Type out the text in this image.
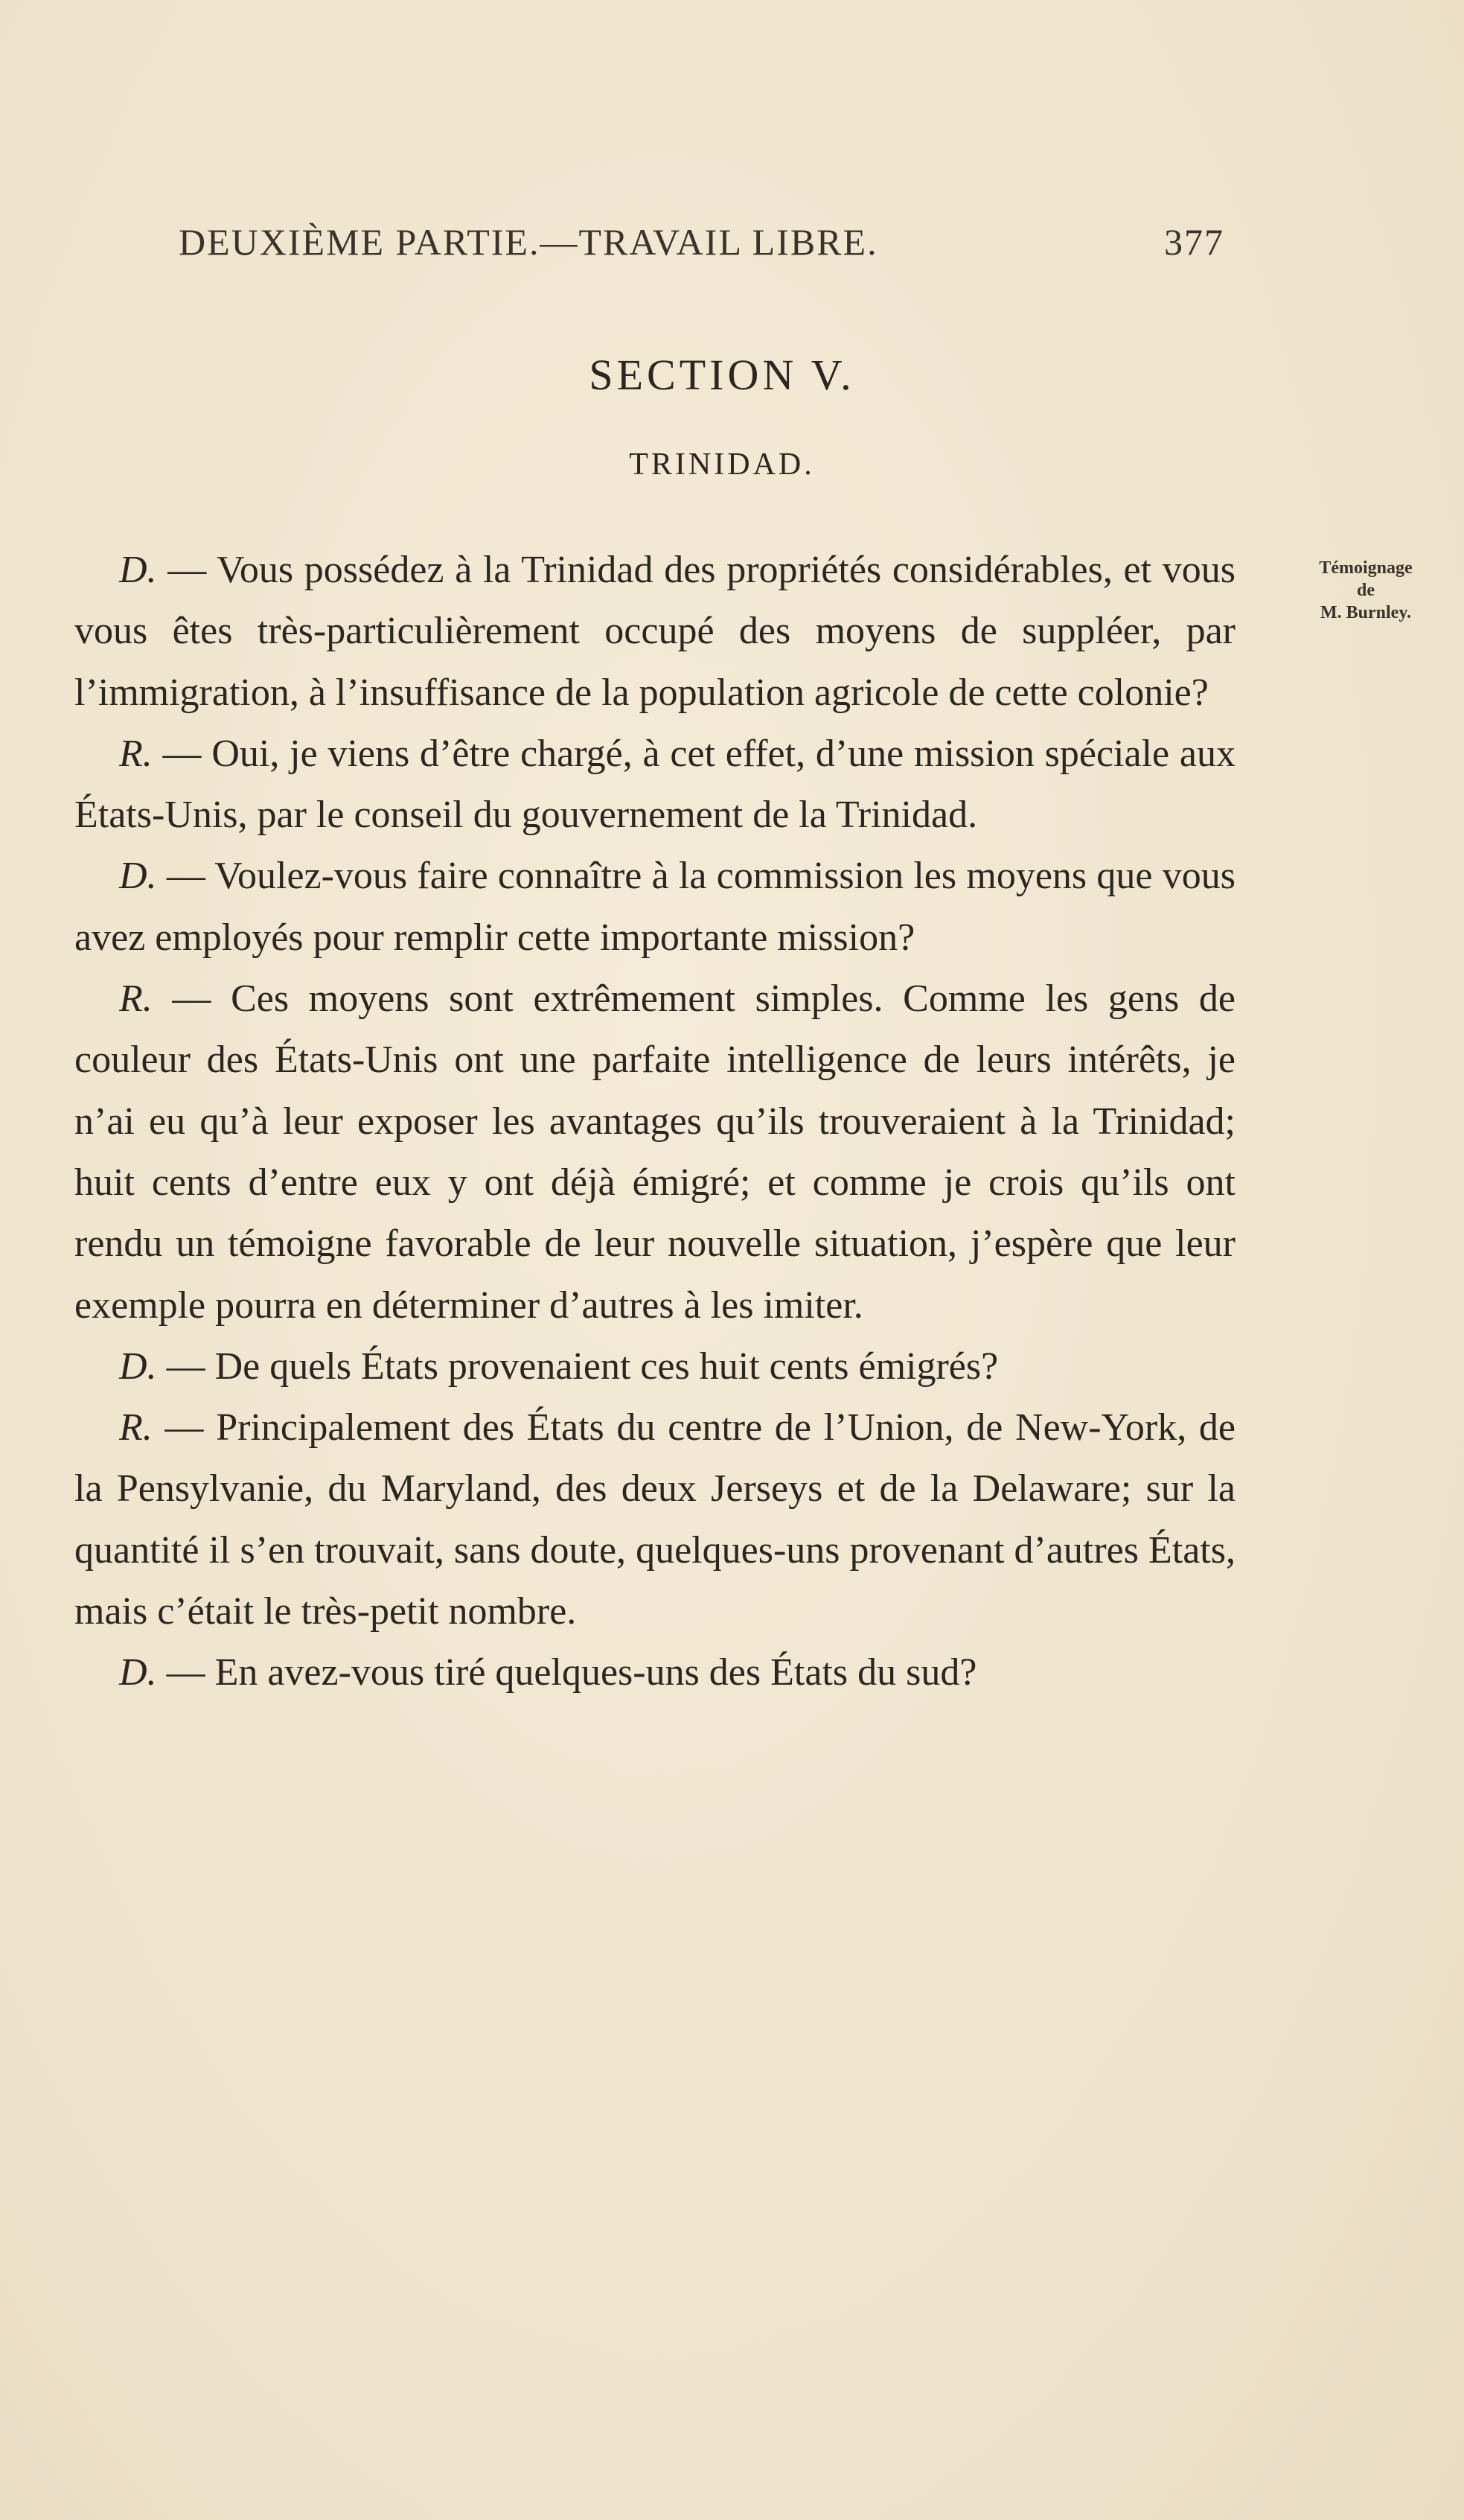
DEUXIÈME PARTIE.—TRAVAIL LIBRE.	377
SECTION V.
TRINIDAD.
Témoignage
de
M. Burnley.

D. — Vous possédez à la Trinidad des propriétés considérables, et vous vous êtes très-particulièrement occupé des moyens de suppléer, par l’immigration, à l’insuffisance de la population agricole de cette colonie?

R. — Oui, je viens d’être chargé, à cet effet, d’une mission spéciale aux États-Unis, par le conseil du gouvernement de la Trinidad.

D. — Voulez-vous faire connaître à la commission les moyens que vous avez employés pour remplir cette importante mission?

R. — Ces moyens sont extrêmement simples. Comme les gens de couleur des États-Unis ont une parfaite intelligence de leurs intérêts, je n’ai eu qu’à leur exposer les avantages qu’ils trouveraient à la Trinidad; huit cents d’entre eux y ont déjà émigré; et comme je crois qu’ils ont rendu un témoigne favorable de leur nouvelle situation, j’espère que leur exemple pourra en déterminer d’autres à les imiter.

D. — De quels États provenaient ces huit cents émigrés?

R. — Principalement des États du centre de l’Union, de New-York, de la Pensylvanie, du Maryland, des deux Jerseys et de la Delaware; sur la quantité il s’en trouvait, sans doute, quelques-uns provenant d’autres États, mais c’était le très-petit nombre.

D. — En avez-vous tiré quelques-uns des États du sud?
